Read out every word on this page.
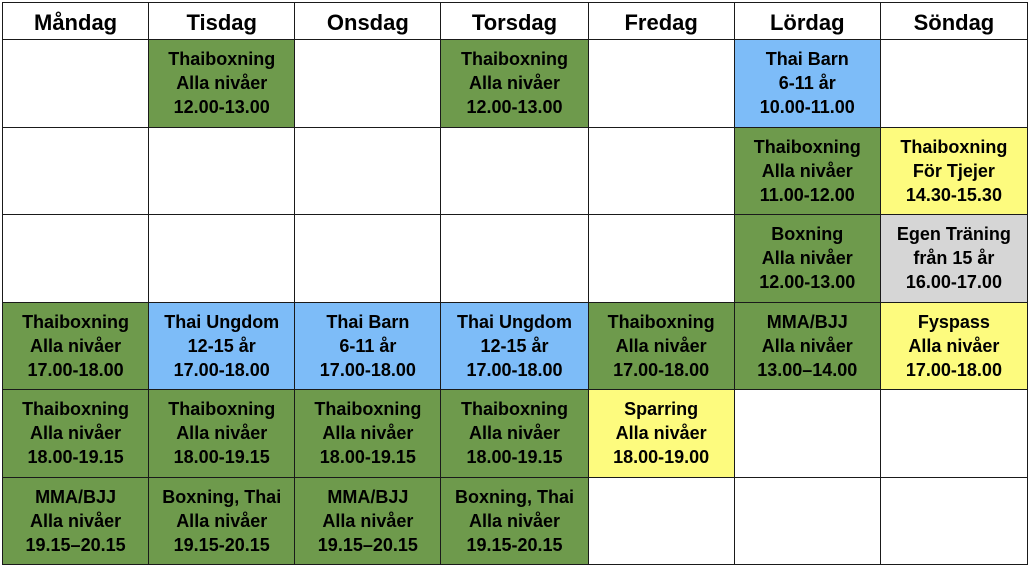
Måndag	Tisdag	Onsdag	Torsdag	Fredag	Lördag	Söndag

	Thaiboxning
Alla nivåer
12.00-13.00		Thaiboxning
Alla nivåer
12.00-13.00		Thai Barn
6-11 år
10.00-11.00	

					Thaiboxning
Alla nivåer
11.00-12.00	Thaiboxning
För Tjejer
14.30-15.30

					Boxning
Alla nivåer
12.00-13.00	Egen Träning
från 15 år
16.00-17.00

Thaiboxning
Alla nivåer
17.00-18.00	Thai Ungdom
12-15 år
17.00-18.00	Thai Barn
6-11 år
17.00-18.00	Thai Ungdom
12-15 år
17.00-18.00	Thaiboxning
Alla nivåer
17.00-18.00	MMA/BJJ
Alla nivåer
13.00–14.00	Fyspass
Alla nivåer
17.00-18.00

Thaiboxning
Alla nivåer
18.00-19.15	Thaiboxning
Alla nivåer
18.00-19.15	Thaiboxning
Alla nivåer
18.00-19.15	Thaiboxning
Alla nivåer
18.00-19.15	Sparring
Alla nivåer
18.00-19.00		

MMA/BJJ
Alla nivåer
19.15–20.15	Boxning, Thai
Alla nivåer
19.15-20.15	MMA/BJJ
Alla nivåer
19.15–20.15	Boxning, Thai
Alla nivåer
19.15-20.15			
